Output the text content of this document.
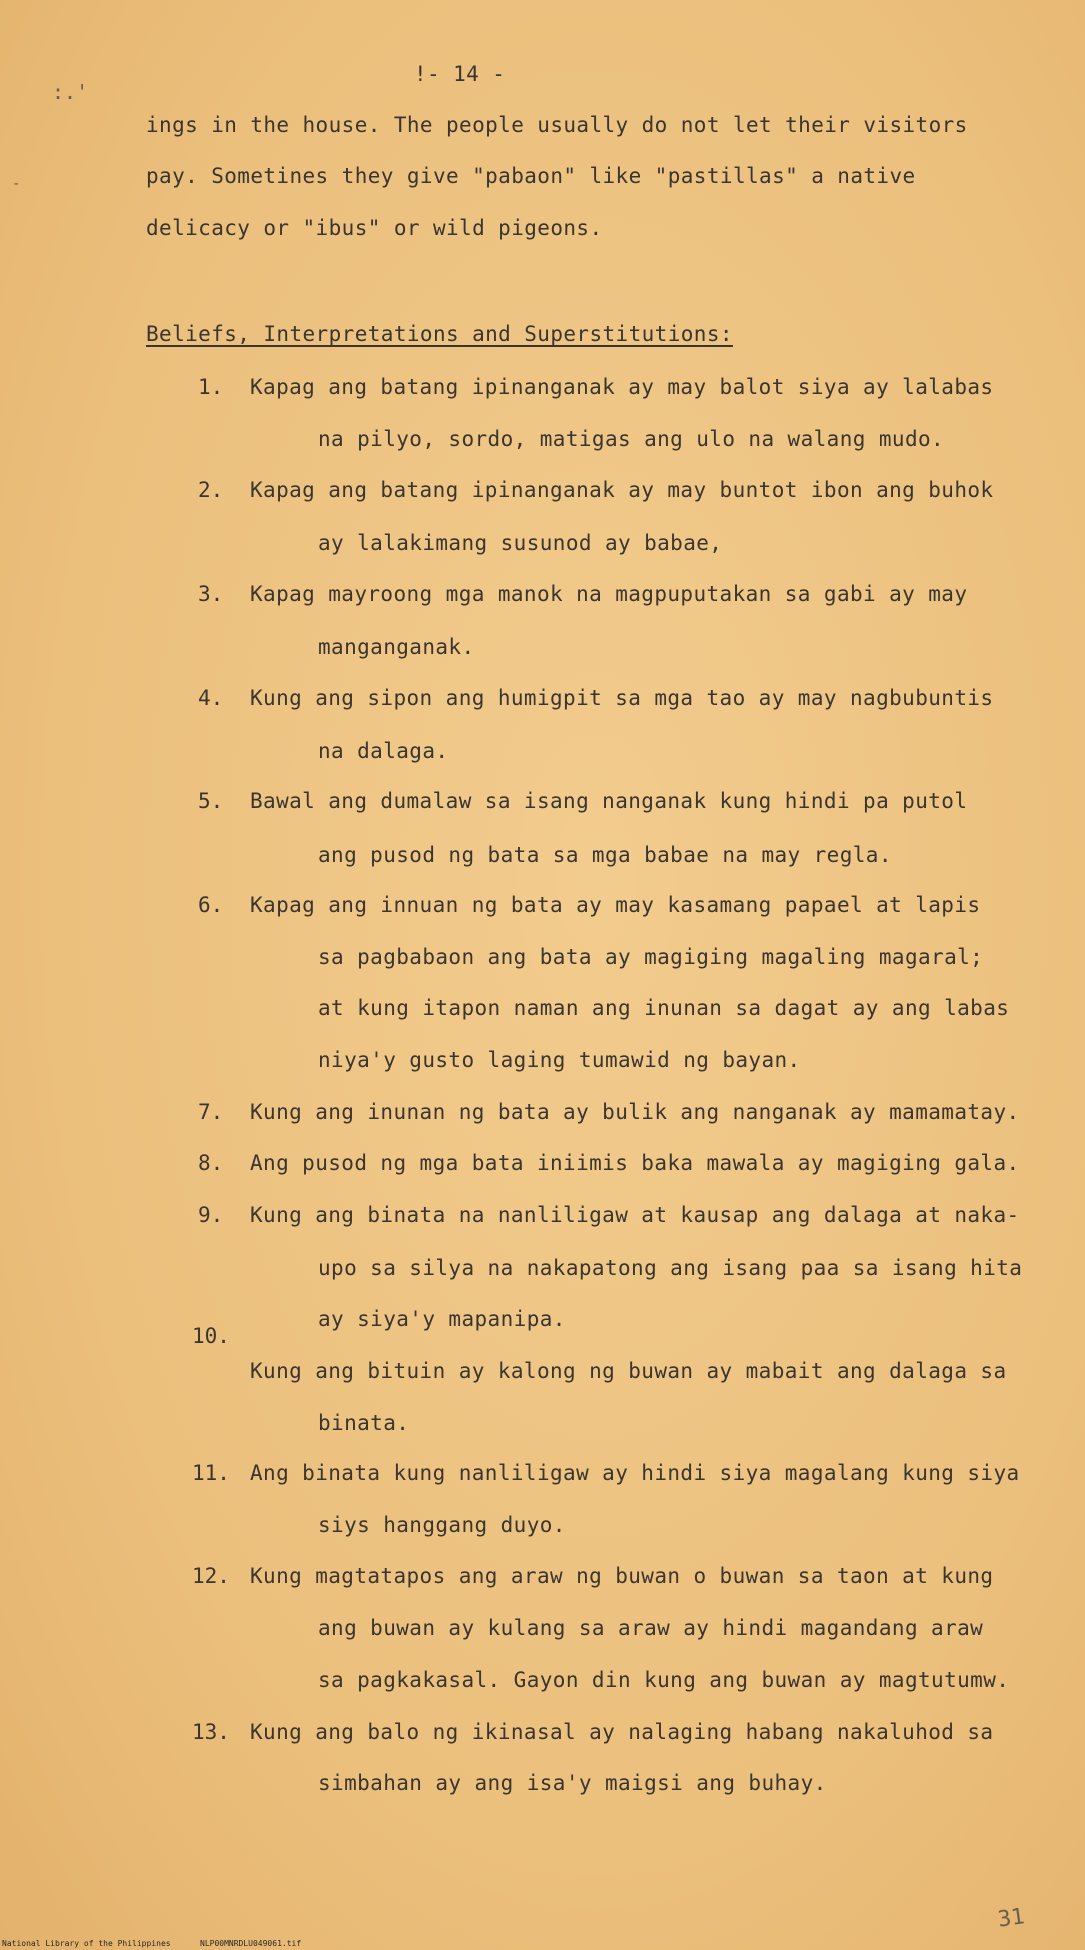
!- 14 -
ings in the house. The people usually do not let their visitors
pay. Sometines they give "pabaon" like "pastillas" a native
delicacy or "ibus" or wild pigeons.
Beliefs, Interpretations and Superstitutions:
1. Kapag ang batang ipinanganak ay may balot siya ay lalabas
na pilyo, sordo, matigas ang ulo na walang mudo.
2. Kapag ang batang ipinanganak ay may buntot ibon ang buhok
ay lalakimang susunod ay babae,
3. Kapag mayroong mga manok na magpuputakan sa gabi ay may
manganganak.
4. Kung ang sipon ang humigpit sa mga tao ay may nagbubuntis
na dalaga.
5. Bawal ang dumalaw sa isang nanganak kung hindi pa putol
ang pusod ng bata sa mga babae na may regla.
6. Kapag ang innuan ng bata ay may kasamang papael at lapis
sa pagbabaon ang bata ay magiging magaling magaral;
at kung itapon naman ang inunan sa dagat ay ang labas
niya'y gusto laging tumawid ng bayan.
7. Kung ang inunan ng bata ay bulik ang nanganak ay mamamatay.
8. Ang pusod ng mga bata iniimis baka mawala ay magiging gala.
9. Kung ang binata na nanliligaw at kausap ang dalaga at naka-
upo sa silya na nakapatong ang isang paa sa isang hita
ay siya'y mapanipa.
10.
Kung ang bituin ay kalong ng buwan ay mabait ang dalaga sa
binata.
11. Ang binata kung nanliligaw ay hindi siya magalang kung siya
siys hanggang duyo.
12. Kung magtatapos ang araw ng buwan o buwan sa taon at kung
ang buwan ay kulang sa araw ay hindi magandang araw
sa pagkakasal. Gayon din kung ang buwan ay magtutumw.
13. Kung ang balo ng ikinasal ay nalaging habang nakaluhod sa
simbahan ay ang isa'y maigsi ang buhay.
:.'
-
National Library of the Philippines	NLP00MNRDLU049061.tif
31
